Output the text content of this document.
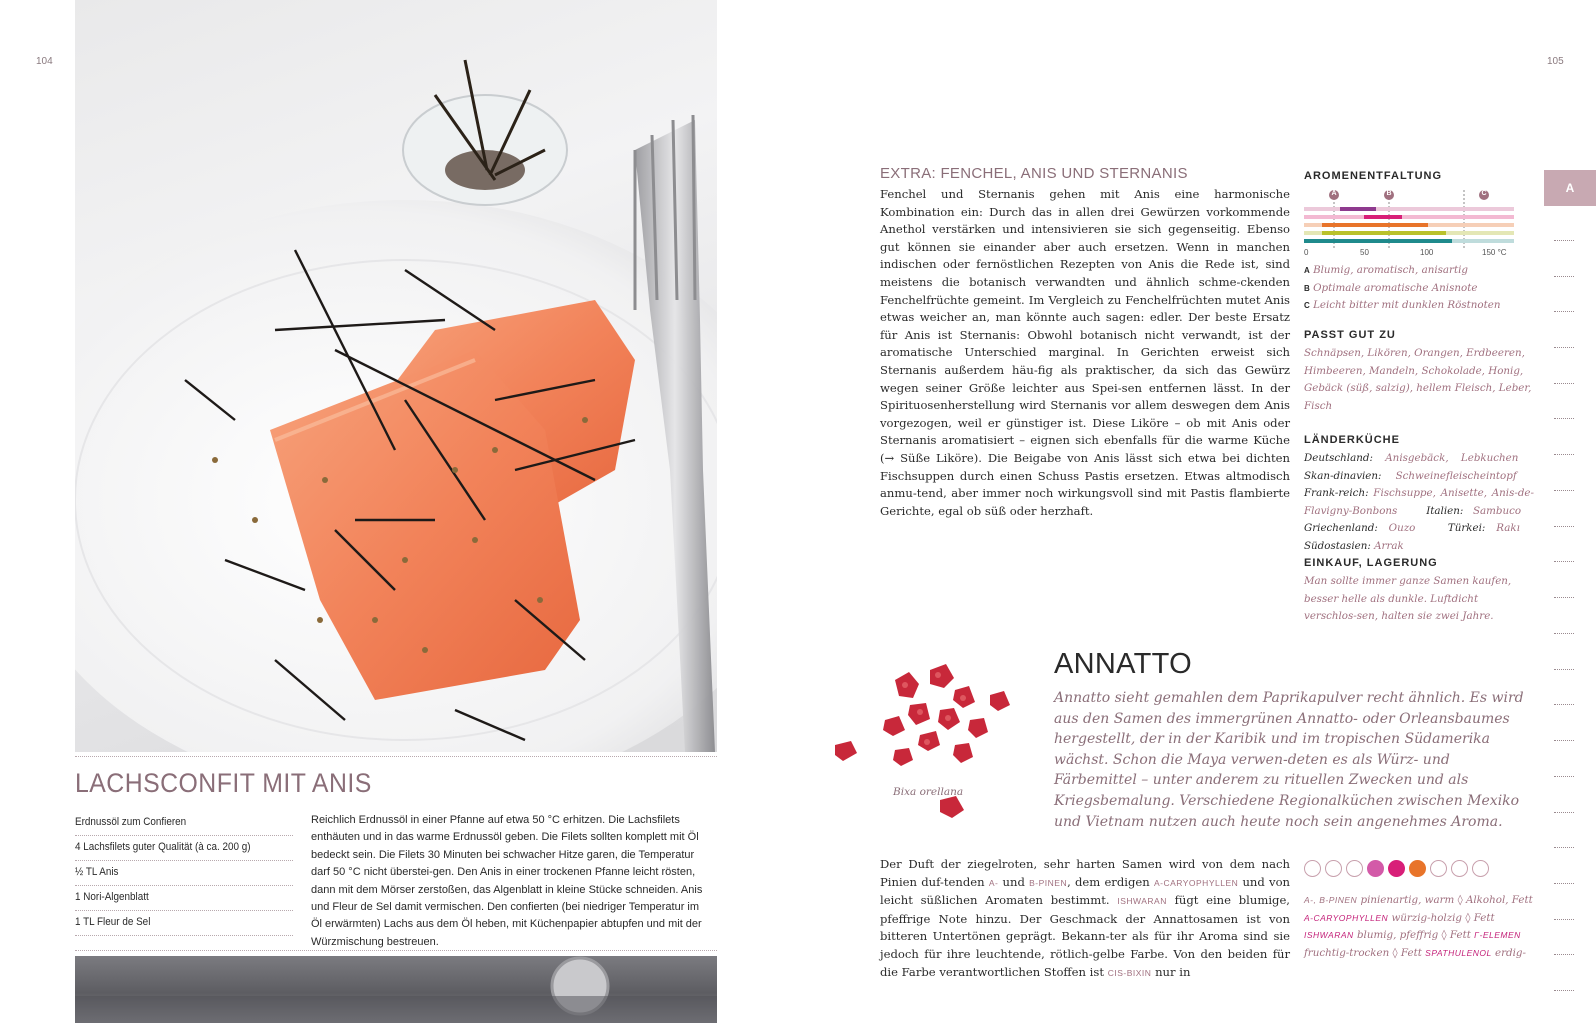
104	105
LACHSCONFIT MIT ANIS
Erdnussöl zum Confieren
4 Lachsfilets guter Qualität (à ca. 200 g)
½ TL Anis
1 Nori-Algenblatt
1 TL Fleur de Sel
Reichlich Erdnussöl in einer Pfanne auf etwa 50 °C erhitzen. Die Lachsfilets enthäuten und in das warme Erdnussöl geben. Die Filets sollten komplett mit Öl bedeckt sein. Die Filets 30 Minuten bei schwacher Hitze garen, die Temperatur darf 50 °C nicht überstei-gen. Den Anis in einer trockenen Pfanne leicht rösten, dann mit dem Mörser zerstoßen, das Algenblatt in kleine Stücke schneiden. Anis und Fleur de Sel damit vermischen. Den confierten (bei niedriger Temperatur im Öl erwärmten) Lachs aus dem Öl heben, mit Küchenpapier abtupfen und mit der Würzmischung bestreuen.
EXTRA: FENCHEL, ANIS UND STERNANIS
Fenchel und Sternanis gehen mit Anis eine harmonische Kombination ein: Durch das in allen drei Gewürzen vorkommende Anethol verstärken und intensivieren sie sich gegenseitig. Ebenso gut können sie einander aber auch ersetzen. Wenn in manchen indischen oder fernöstlichen Rezepten von Anis die Rede ist, sind meistens die botanisch verwandten und ähnlich schme-ckenden Fenchelfrüchte gemeint. Im Vergleich zu Fenchelfrüchten mutet Anis etwas weicher an, man könnte auch sagen: edler. Der beste Ersatz für Anis ist Sternanis: Obwohl botanisch nicht verwandt, ist der aromatische Unterschied marginal. In Gerichten erweist sich Sternanis außerdem häu-fig als praktischer, da sich das Gewürz wegen seiner Größe leichter aus Spei-sen entfernen lässt. In der Spirituosenherstellung wird Sternanis vor allem deswegen dem Anis vorgezogen, weil er günstiger ist. Diese Liköre – ob mit Anis oder Sternanis aromatisiert – eignen sich ebenfalls für die warme Küche (→ Süße Liköre). Die Beigabe von Anis lässt sich etwa bei dichten Fischsuppen durch einen Schuss Pastis ersetzen. Etwas altmodisch anmu-tend, aber immer noch wirkungsvoll sind mit Pastis flambierte Gerichte, egal ob süß oder herzhaft.
AROMENENTFALTUNG
A	B	C
0	50	100	150 °C
A Blumig, aromatisch, anisartig
B Optimale aromatische Anisnote
C Leicht bitter mit dunklen Röstnoten
PASST GUT ZU
Schnäpsen, Likören, Orangen, Erdbeeren, Himbeeren, Mandeln, Schokolade, Honig, Gebäck (süß, salzig), hellem Fleisch, Leber, Fisch
LÄNDERKÜCHE
Deutschland: Anisgebäck, Lebkuchen   Skan-dinavien: Schweinefleischeintopf   Frank-reich: Fischsuppe, Anisette, Anis-de-Flavigny-Bonbons	Italien: Sambuco   Griechenland: Ouzo	Türkei: Rakı   Südostasien: Arrak
EINKAUF, LAGERUNG
Man sollte immer ganze Samen kaufen, besser helle als dunkle. Luftdicht verschlos-sen, halten sie zwei Jahre.
A
Bixa orellana
ANNATTO
Annatto sieht gemahlen dem Paprikapulver recht ähnlich. Es wird aus den Samen des immergrünen Annatto- oder Orleansbaumes hergestellt, der in der Karibik und im tropischen Südamerika wächst. Schon die Maya verwen-deten es als Würz- und Färbemittel – unter anderem zu rituellen Zwecken und als Kriegsbemalung. Verschiedene Regionalküchen zwischen Mexiko und Vietnam nutzen auch heute noch sein angenehmes Aroma.
Der Duft der ziegelroten, sehr harten Samen wird von dem nach Pinien duf-tenden Α- und Β-PINEN, dem erdigen Α-CARYOPHYLLEN und von leicht süßlichen Aromaten bestimmt. ISHWARAN fügt eine blumige, pfeffrige Note hinzu. Der Geschmack der Annattosamen ist von bitteren Untertönen geprägt. Bekann-ter als für ihr Aroma sind sie jedoch für ihre leuchtende, rötlich-gelbe Farbe. Von den beiden für die Farbe verantwortlichen Stoffen ist CIS-BIXIN nur in
Α-, Β-PINEN pinienartig, warm ◊ Alkohol, Fett Α-CARYOPHYLLEN würzig-holzig ◊ Fett ISHWARAN blumig, pfeffrig ◊ Fett Γ-ELEMEN fruchtig-trocken ◊ Fett SPATHULENOL erdig-
